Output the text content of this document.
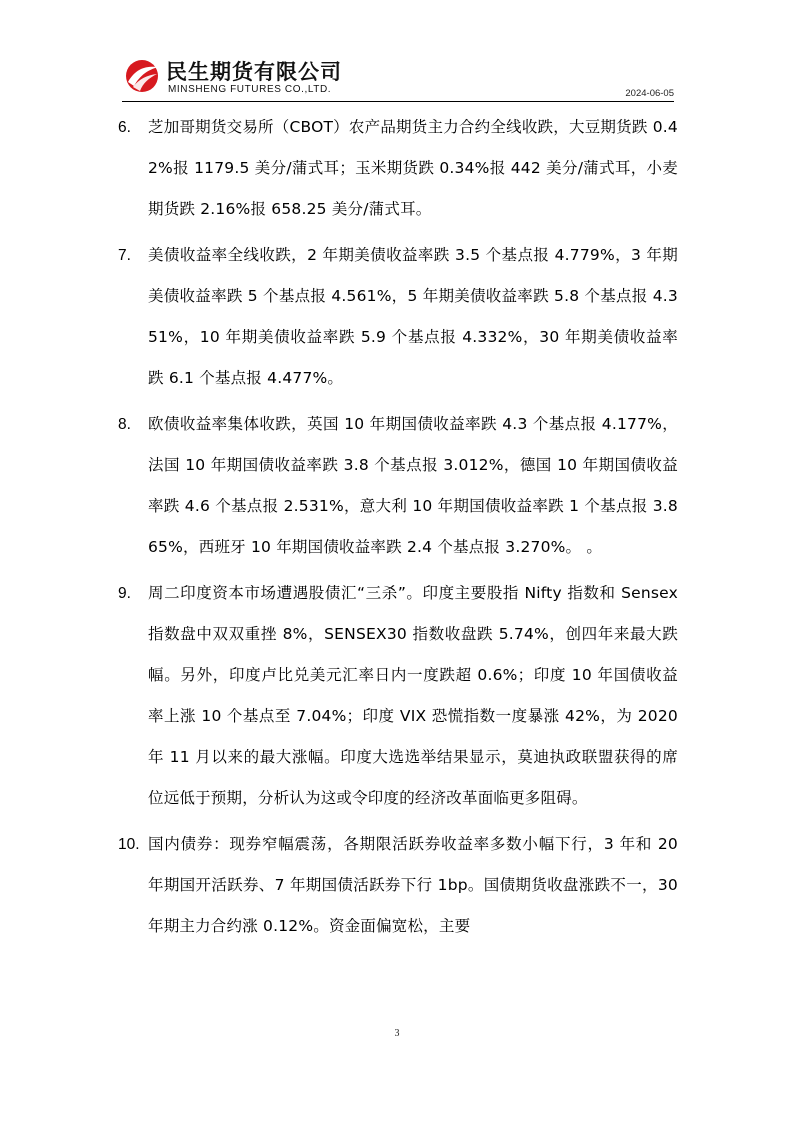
民生期货有限公司
MINSHENG FUTURES CO.,LTD.	2024-06-05
6.	芝加哥期货交易所（CBOT）农产品期货主力合约全线收跌，大豆期货跌 0.42%报 1179.5 美分/蒲式耳；玉米期货跌 0.34%报 442 美分/蒲式耳，小麦期货跌 2.16%报 658.25 美分/蒲式耳。
7.	美债收益率全线收跌，2 年期美债收益率跌 3.5 个基点报 4.779%，3 年期美债收益率跌 5 个基点报 4.561%，5 年期美债收益率跌 5.8 个基点报 4.351%，10 年期美债收益率跌 5.9 个基点报 4.332%，30 年期美债收益率跌 6.1 个基点报 4.477%。
8.	欧债收益率集体收跌，英国 10 年期国债收益率跌 4.3 个基点报 4.177%，法国 10 年期国债收益率跌 3.8 个基点报 3.012%，德国 10 年期国债收益率跌 4.6 个基点报 2.531%，意大利 10 年期国债收益率跌 1 个基点报 3.865%，西班牙 10 年期国债收益率跌 2.4 个基点报 3.270%。 。
9.	周二印度资本市场遭遇股债汇“三杀”。印度主要股指 Nifty 指数和 Sensex 指数盘中双双重挫 8%，SENSEX30 指数收盘跌 5.74%，创四年来最大跌幅。另外，印度卢比兑美元汇率日内一度跌超 0.6%；印度 10 年国债收益率上涨 10 个基点至 7.04%；印度 VIX 恐慌指数一度暴涨 42%，为 2020 年 11 月以来的最大涨幅。印度大选选举结果显示，莫迪执政联盟获得的席位远低于预期，分析认为这或令印度的经济改革面临更多阻碍。
10. 国内债券：现券窄幅震荡，各期限活跃券收益率多数小幅下行，3 年和 20 年期国开活跃券、7 年期国债活跃券下行 1bp。国债期货收盘涨跌不一，30 年期主力合约涨 0.12%。资金面偏宽松，主要
3
